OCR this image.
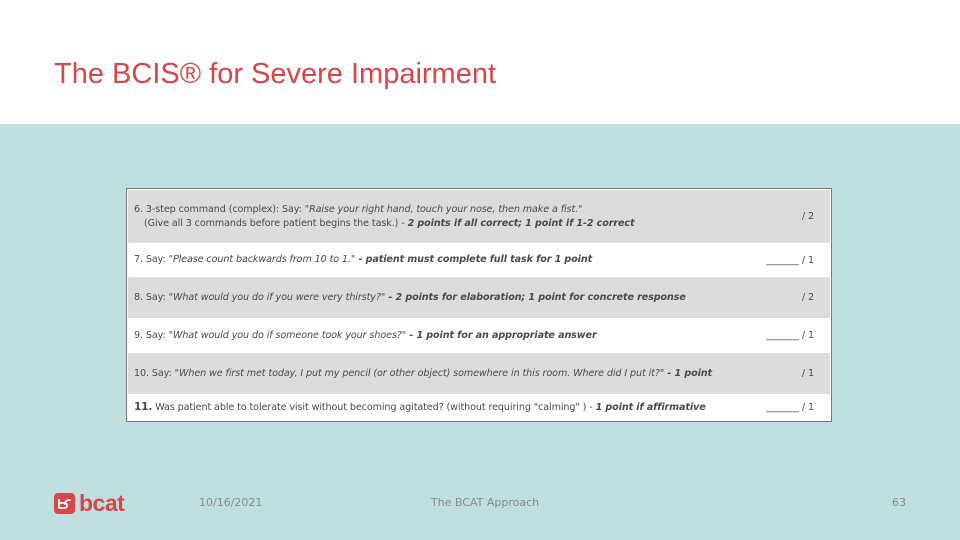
The BCIS® for Severe Impairment
6. 3-step command (complex): Say: "Raise your right hand, touch your nose, then make a fist."
(Give all 3 commands before patient begins the task.) - 2 points if all correct; 1 point if 1-2 correct
/ 2
7. Say: "Please count backwards from 10 to 1." - patient must complete full task for 1 point	_______ / 1
8. Say: "What would you do if you were very thirsty?" - 2 points for elaboration; 1 point for concrete response	/ 2
9. Say: "What would you do if someone took your shoes?" - 1 point for an appropriate answer	_______ / 1
10. Say: "When we first met today, I put my pencil (or other object) somewhere in this room. Where did I put it?" - 1 point	/ 1
11. Was patient able to tolerate visit without becoming agitated? (without requiring "calming" ) - 1 point if affirmative	_______ / 1
bcat	10/16/2021	The BCAT Approach	63
